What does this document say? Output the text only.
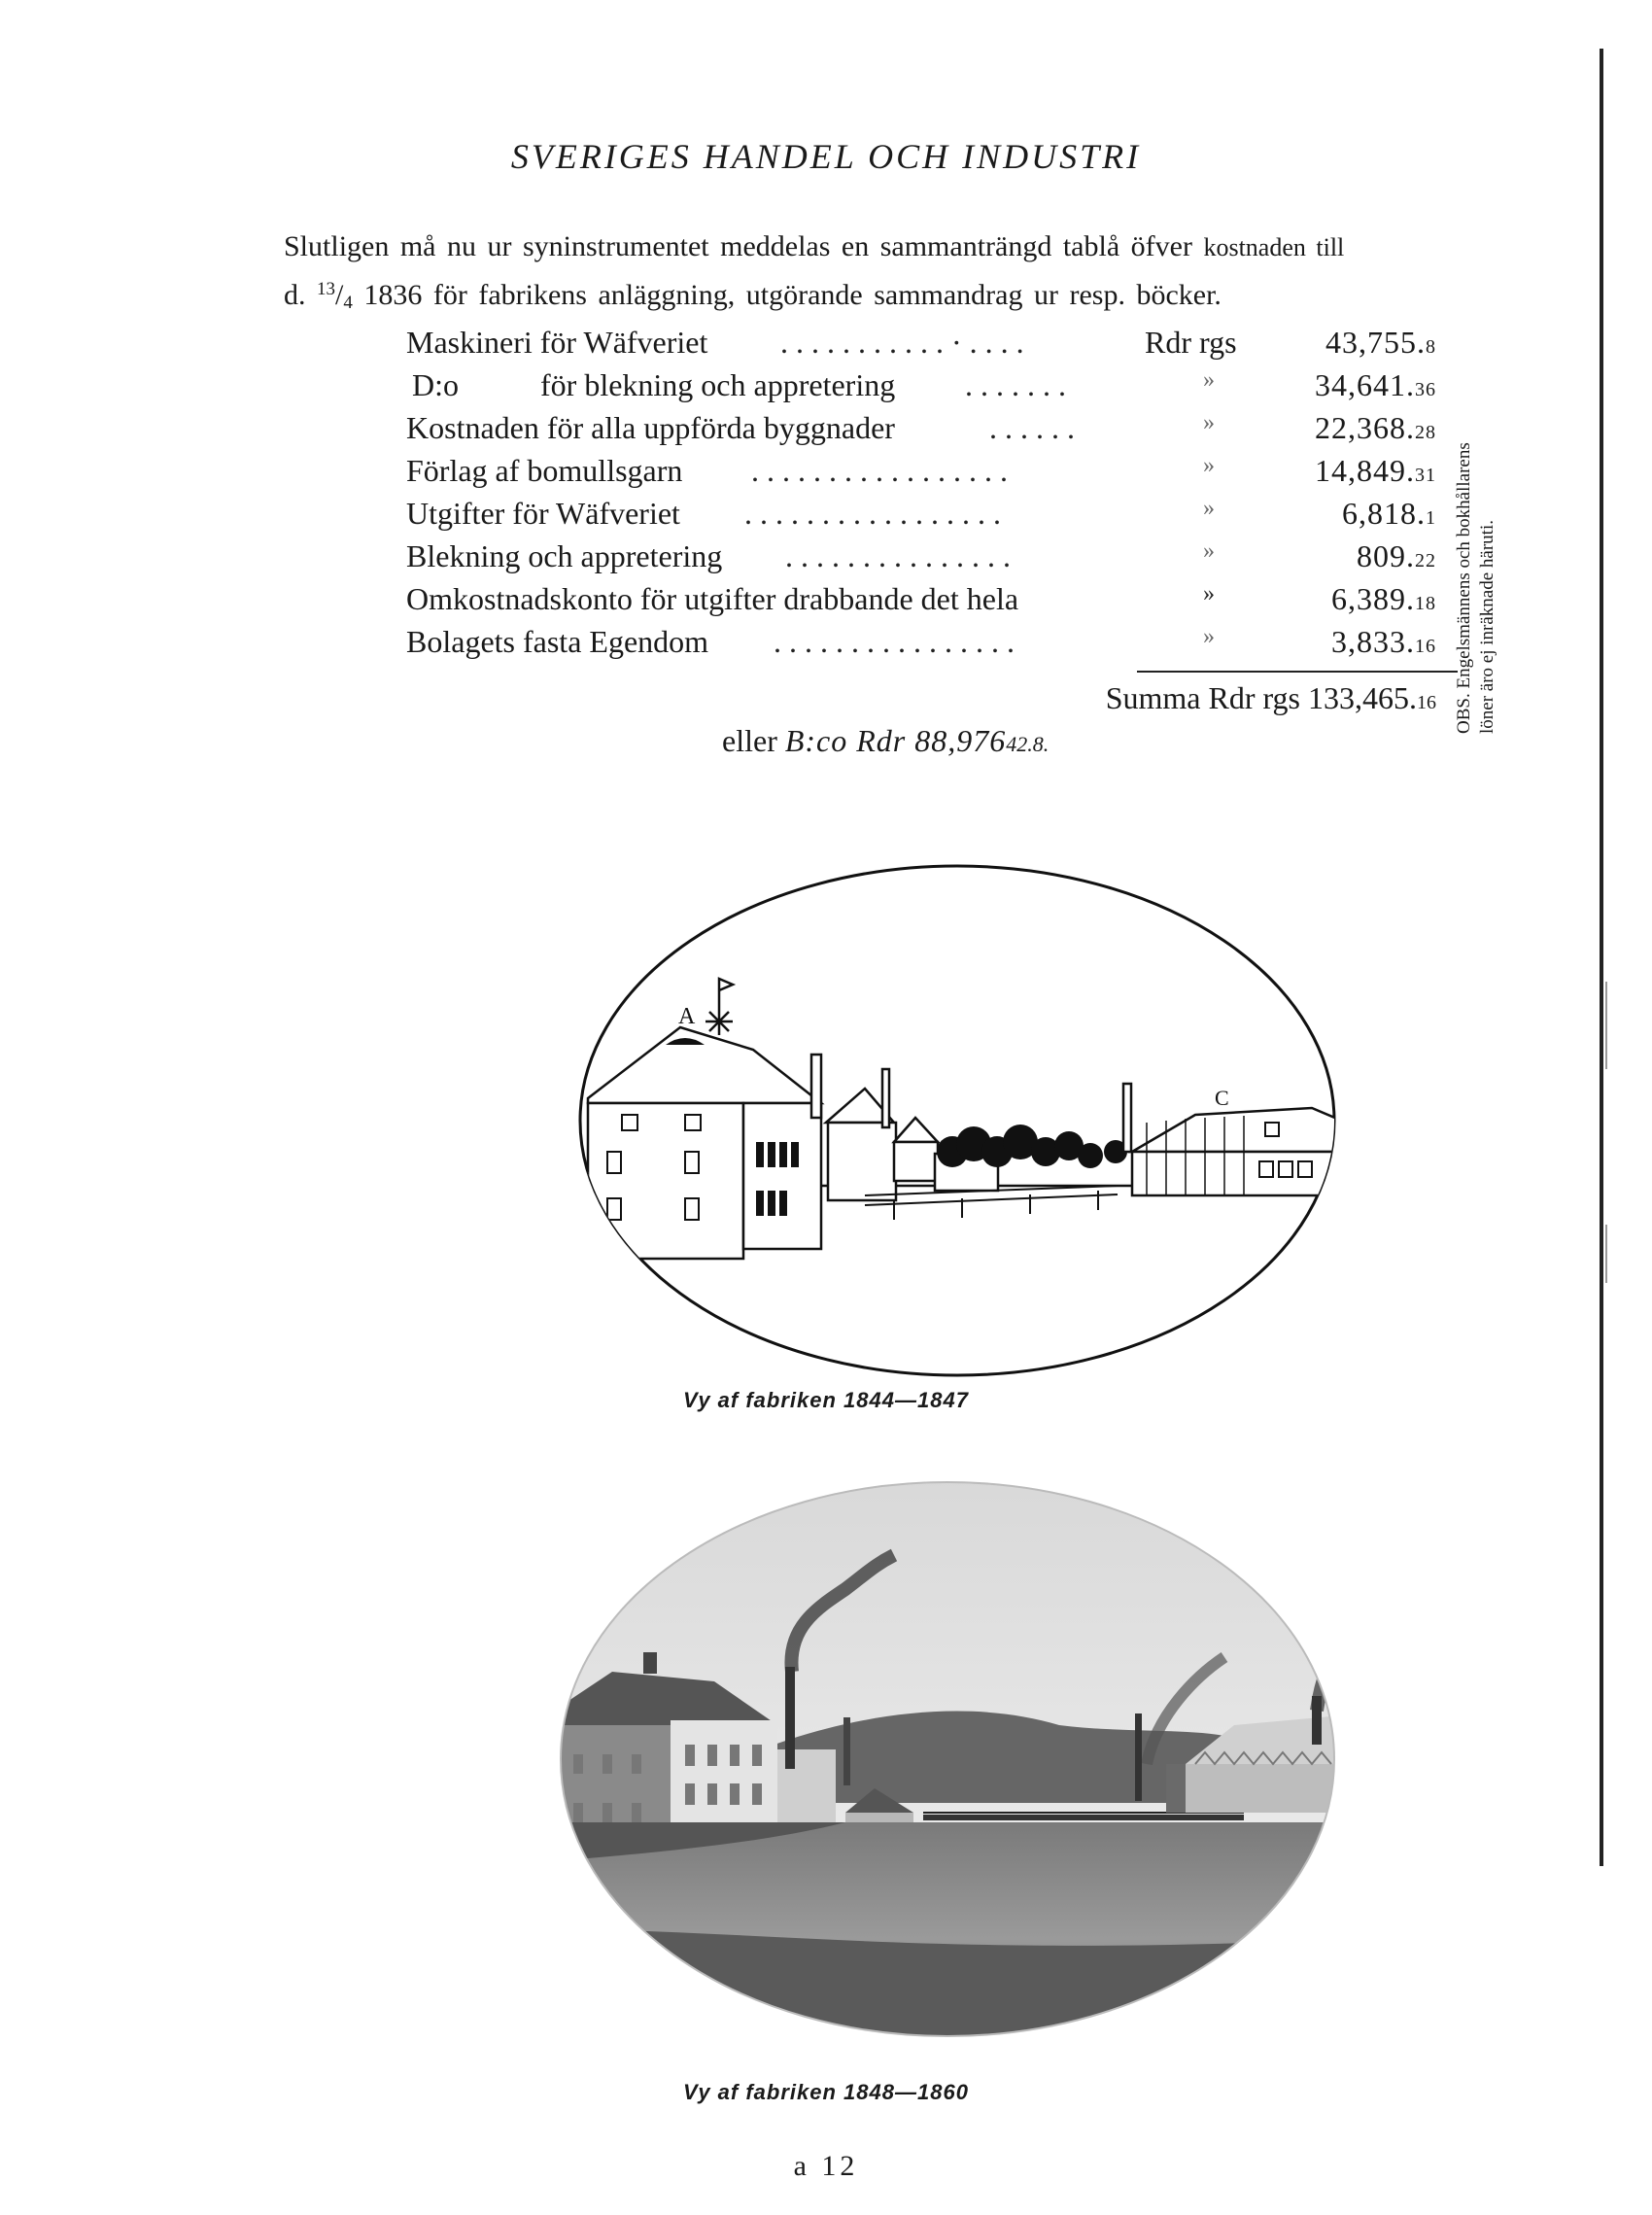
SVERIGES HANDEL OCH INDUSTRI
Slutligen må nu ur syninstrumentet meddelas en sammanträngd tablå öfver kostnaden till
d. $^{13}$/4 1836 för fabrikens anläggning, utgörande sammandrag ur resp. böcker.
Maskineri för Wäfveriet ...........·....	Rdr rgs	43,755.8
D:o	för blekning och appretering .......	»	34,641.36
Kostnaden för alla uppförda byggnader	......	»	22,368.28
Förlag af bomullsgarn .................	»	14,849.31
Utgifter för Wäfveriet .................	»	6,818.1
Blekning och appretering ...............	»	809.22
Omkostnadskonto för utgifter drabbande det hela	»	6,389.18
Bolagets fasta Egendom ................	»	3,833.16
Summa Rdr rgs 133,465.16
eller B:co Rdr 88,97642.8.
OBS. Engelsmännens och bokhållarens löner äro ej inräknade häruti.
A
C
Vy af fabriken 1844—1847
Vy af fabriken 1848—1860
a 12
